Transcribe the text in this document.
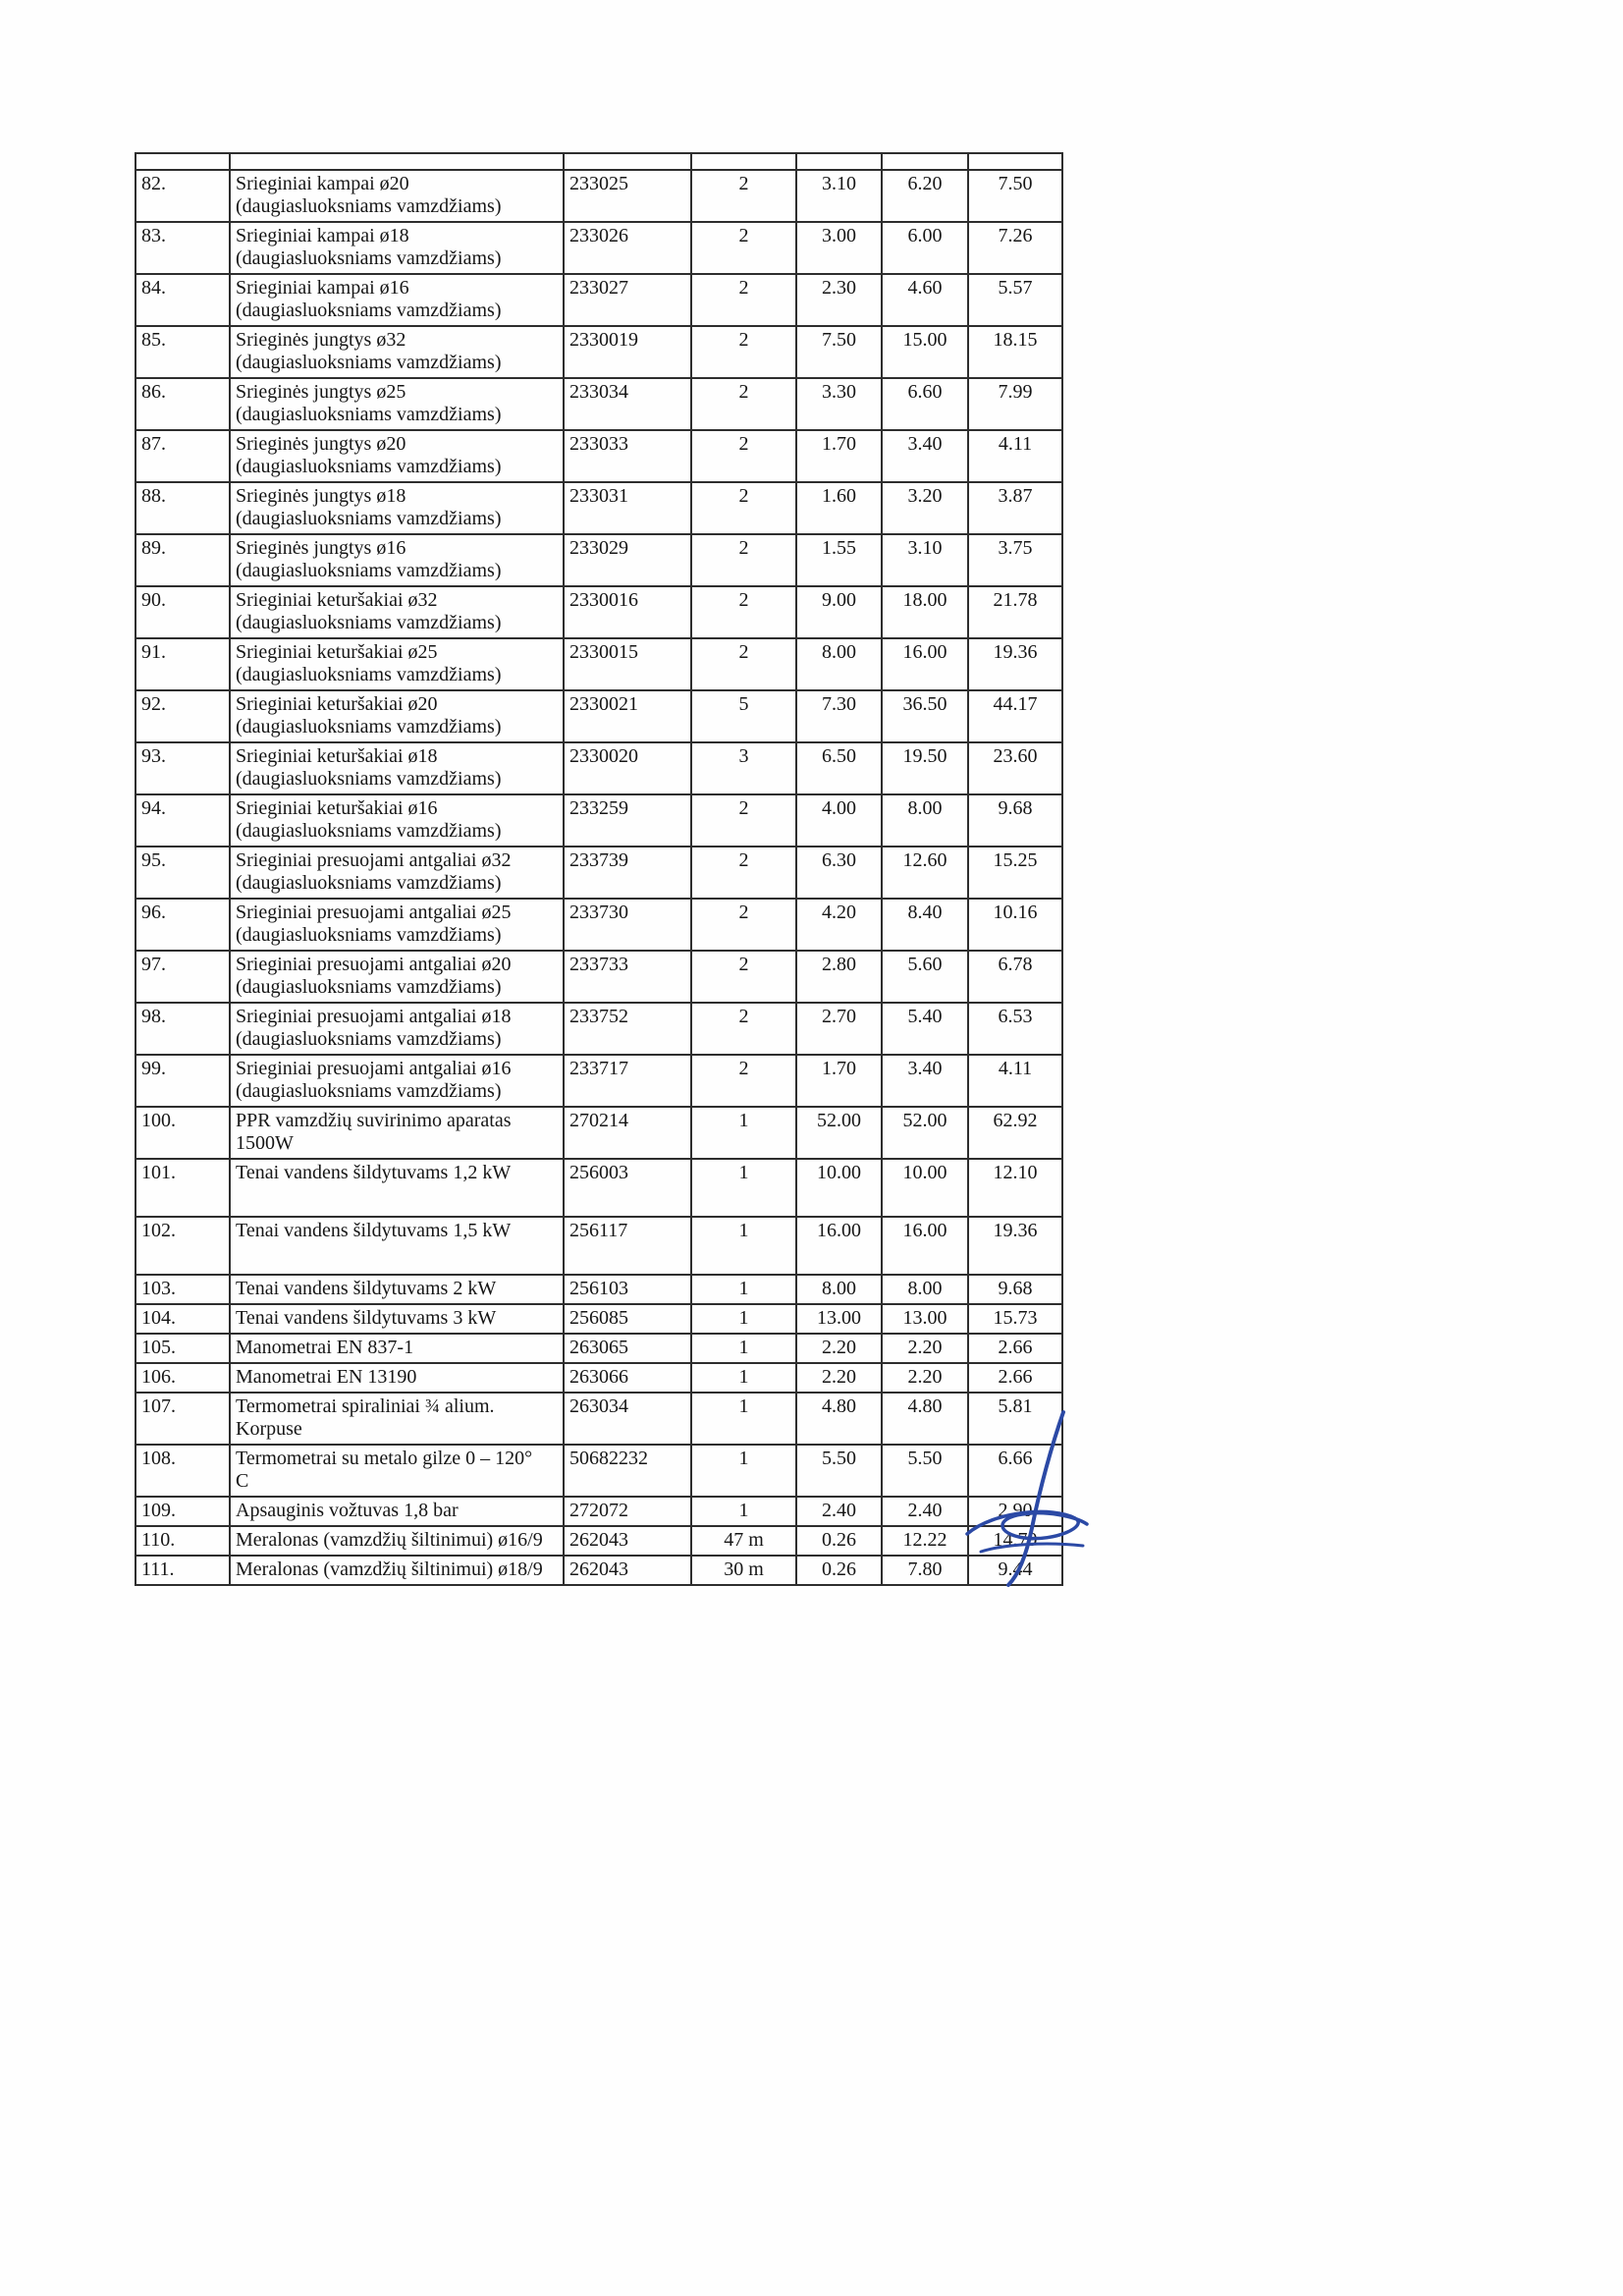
82.	Srieginiai kampai ø20
(daugiasluoksniams vamzdžiams)	233025	2	3.10	6.20	7.50
83.	Srieginiai kampai ø18
(daugiasluoksniams vamzdžiams)	233026	2	3.00	6.00	7.26
84.	Srieginiai kampai ø16
(daugiasluoksniams vamzdžiams)	233027	2	2.30	4.60	5.57
85.	Srieginės jungtys ø32
(daugiasluoksniams vamzdžiams)	2330019	2	7.50	15.00	18.15
86.	Srieginės jungtys ø25
(daugiasluoksniams vamzdžiams)	233034	2	3.30	6.60	7.99
87.	Srieginės jungtys ø20
(daugiasluoksniams vamzdžiams)	233033	2	1.70	3.40	4.11
88.	Srieginės jungtys ø18
(daugiasluoksniams vamzdžiams)	233031	2	1.60	3.20	3.87
89.	Srieginės jungtys ø16
(daugiasluoksniams vamzdžiams)	233029	2	1.55	3.10	3.75
90.	Srieginiai keturšakiai ø32
(daugiasluoksniams vamzdžiams)	2330016	2	9.00	18.00	21.78
91.	Srieginiai keturšakiai ø25
(daugiasluoksniams vamzdžiams)	2330015	2	8.00	16.00	19.36
92.	Srieginiai keturšakiai ø20
(daugiasluoksniams vamzdžiams)	2330021	5	7.30	36.50	44.17
93.	Srieginiai keturšakiai ø18
(daugiasluoksniams vamzdžiams)	2330020	3	6.50	19.50	23.60
94.	Srieginiai keturšakiai ø16
(daugiasluoksniams vamzdžiams)	233259	2	4.00	8.00	9.68
95.	Srieginiai presuojami antgaliai ø32
(daugiasluoksniams vamzdžiams)	233739	2	6.30	12.60	15.25
96.	Srieginiai presuojami antgaliai ø25
(daugiasluoksniams vamzdžiams)	233730	2	4.20	8.40	10.16
97.	Srieginiai presuojami antgaliai ø20
(daugiasluoksniams vamzdžiams)	233733	2	2.80	5.60	6.78
98.	Srieginiai presuojami antgaliai ø18
(daugiasluoksniams vamzdžiams)	233752	2	2.70	5.40	6.53
99.	Srieginiai presuojami antgaliai ø16
(daugiasluoksniams vamzdžiams)	233717	2	1.70	3.40	4.11
100.	PPR vamzdžių suvirinimo aparatas
1500W	270214	1	52.00	52.00	62.92
101.	Tenai vandens šildytuvams 1,2 kW	256003	1	10.00	10.00	12.10
102.	Tenai vandens šildytuvams 1,5 kW	256117	1	16.00	16.00	19.36
103.	Tenai vandens šildytuvams 2 kW	256103	1	8.00	8.00	9.68
104.	Tenai vandens šildytuvams 3 kW	256085	1	13.00	13.00	15.73
105.	Manometrai EN 837-1	263065	1	2.20	2.20	2.66
106.	Manometrai EN 13190	263066	1	2.20	2.20	2.66
107.	Termometrai spiraliniai ¾ alium.
Korpuse	263034	1	4.80	4.80	5.81
108.	Termometrai su metalo gilze 0 – 120°
C	50682232	1	5.50	5.50	6.66
109.	Apsauginis vožtuvas 1,8 bar	272072	1	2.40	2.40	2.90
110.	Meralonas (vamzdžių šiltinimui) ø16/9	262043	47 m	0.26	12.22	14.79
111.	Meralonas (vamzdžių šiltinimui) ø18/9	262043	30 m	0.26	7.80	9.44
